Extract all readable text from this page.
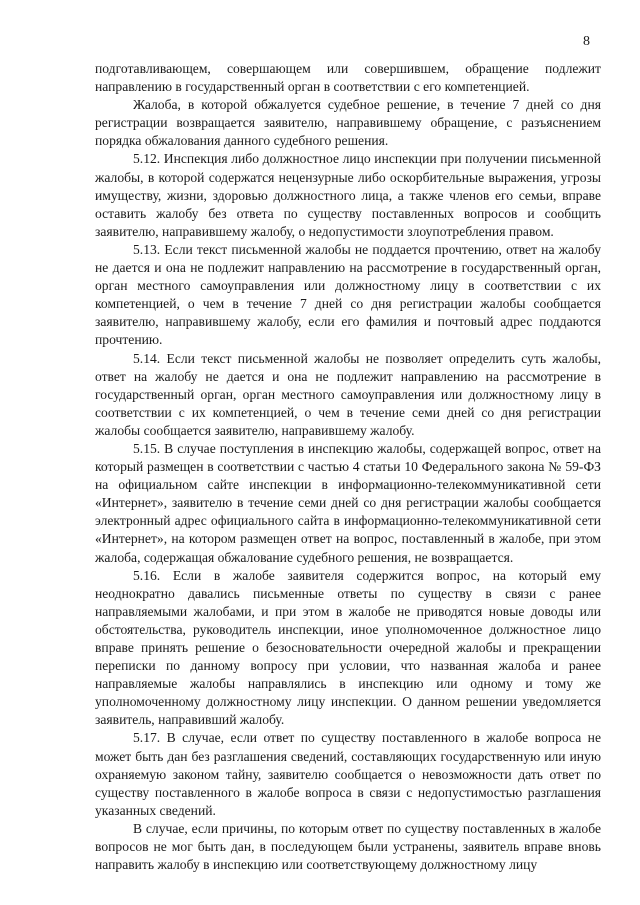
8

подготавливающем, совершающем или совершившем, обращение подлежит направлению в государственный орган в соответствии с его компетенцией.

Жалоба, в которой обжалуется судебное решение, в течение 7 дней со дня регистрации возвращается заявителю, направившему обращение, с разъяснением порядка обжалования данного судебного решения.

5.12. Инспекция либо должностное лицо инспекции при получении письменной жалобы, в которой содержатся нецензурные либо оскорбительные выражения, угрозы имуществу, жизни, здоровью должностного лица, а также членов его семьи, вправе оставить жалобу без ответа по существу поставленных вопросов и сообщить заявителю, направившему жалобу, о недопустимости злоупотребления правом.

5.13. Если текст письменной жалобы не поддается прочтению, ответ на жалобу не дается и она не подлежит направлению на рассмотрение в государственный орган, орган местного самоуправления или должностному лицу в соответствии с их компетенцией, о чем в течение 7 дней со дня регистрации жалобы сообщается заявителю, направившему жалобу, если его фамилия и почтовый адрес поддаются прочтению.

5.14. Если текст письменной жалобы не позволяет определить суть жалобы, ответ на жалобу не дается и она не подлежит направлению на рассмотрение в государственный орган, орган местного самоуправления или должностному лицу в соответствии с их компетенцией, о чем в течение семи дней со дня регистрации жалобы сообщается заявителю, направившему жалобу.

5.15. В случае поступления в инспекцию жалобы, содержащей вопрос, ответ на который размещен в соответствии с частью 4 статьи 10 Федерального закона № 59-ФЗ на официальном сайте инспекции в информационно-телекоммуникативной сети «Интернет», заявителю в течение семи дней со дня регистрации жалобы сообщается электронный адрес официального сайта в информационно-телекоммуникативной сети «Интернет», на котором размещен ответ на вопрос, поставленный в жалобе, при этом жалоба, содержащая обжалование судебного решения, не возвращается.

5.16. Если в жалобе заявителя содержится вопрос, на который ему неоднократно давались письменные ответы по существу в связи с ранее направляемыми жалобами, и при этом в жалобе не приводятся новые доводы или обстоятельства, руководитель инспекции, иное уполномоченное должностное лицо вправе принять решение о безосновательности очередной жалобы и прекращении переписки по данному вопросу при условии, что названная жалоба и ранее направляемые жалобы направлялись в инспекцию или одному и тому же уполномоченному должностному лицу инспекции. О данном решении уведомляется заявитель, направивший жалобу.

5.17. В случае, если ответ по существу поставленного в жалобе вопроса не может быть дан без разглашения сведений, составляющих государственную или иную охраняемую законом тайну, заявителю сообщается о невозможности дать ответ по существу поставленного в жалобе вопроса в связи с недопустимостью разглашения указанных сведений.

В случае, если причины, по которым ответ по существу поставленных в жалобе вопросов не мог быть дан, в последующем были устранены, заявитель вправе вновь направить жалобу в инспекцию или соответствующему должностному лицу
